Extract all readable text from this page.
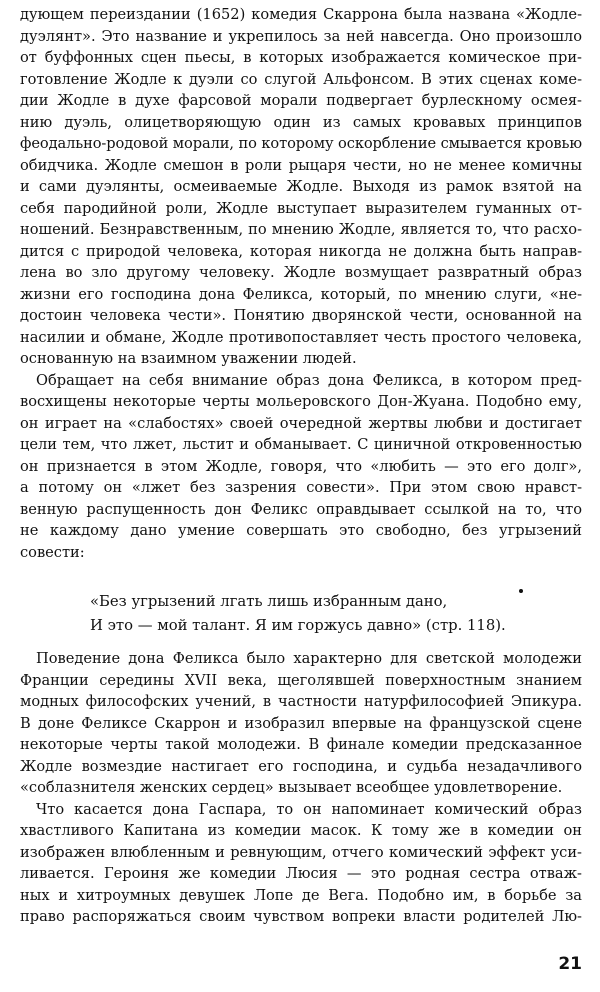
дующем переиздании (1652) комедия Скаррона была названа «Жодле-
дуэлянт». Это название и укрепилось за ней навсегда. Оно произошло
от буффонных сцен пьесы, в которых изображается комическое при-
готовление Жодле к дуэли со слугой Альфонсом. В этих сценах коме-
дии Жодле в духе фарсовой морали подвергает бурлескному осмея-
нию дуэль, олицетворяющую один из самых кровавых принципов
феодально-родовой морали, по которому оскорбление смывается кровью
обидчика. Жодле смешон в роли рыцаря чести, но не менее комичны
и сами дуэлянты, осмеиваемые Жодле. Выходя из рамок взятой на
себя пародийной роли, Жодле выступает выразителем гуманных от-
ношений. Безнравственным, по мнению Жодле, является то, что расхо-
дится с природой человека, которая никогда не должна быть направ-
лена во зло другому человеку. Жодле возмущает развратный образ
жизни его господина дона Феликса, который, по мнению слуги, «не-
достоин человека чести». Понятию дворянской чести, основанной на
насилии и обмане, Жодле противопоставляет честь простого человека,
основанную на взаимном уважении людей.
Обращает на себя внимание образ дона Феликса, в котором пред-
восхищены некоторые черты мольеровского Дон-Жуана. Подобно ему,
он играет на «слабостях» своей очередной жертвы любви и достигает
цели тем, что лжет, льстит и обманывает. С циничной откровенностью
он признается в этом Жодле, говоря, что «любить — это его долг»,
а потому он «лжет без зазрения совести». При этом свою нравст-
венную распущенность дон Феликс оправдывает ссылкой на то, что
не каждому дано умение совершать это свободно, без угрызений
совести:
«Без угрызений лгать лишь избранным дано,
И это — мой талант. Я им горжусь давно» (стр. 118).
Поведение дона Феликса было характерно для светской молодежи
Франции середины XVII века, щеголявшей поверхностным знанием
модных философских учений, в частности натурфилософией Эпикура.
В доне Феликсе Скаррон и изобразил впервые на французской сцене
некоторые черты такой молодежи. В финале комедии предсказанное
Жодле возмездие настигает его господина, и судьба незадачливого
«соблазнителя женских сердец» вызывает всеобщее удовлетворение.
Что касается дона Гаспара, то он напоминает комический образ
хвастливого Капитана из комедии масок. К тому же в комедии он
изображен влюбленным и ревнующим, отчего комический эффект уси-
ливается. Героиня же комедии Люсия — это родная сестра отваж-
ных и хитроумных девушек Лопе де Вега. Подобно им, в борьбе за
право распоряжаться своим чувством вопреки власти родителей Лю-
21
